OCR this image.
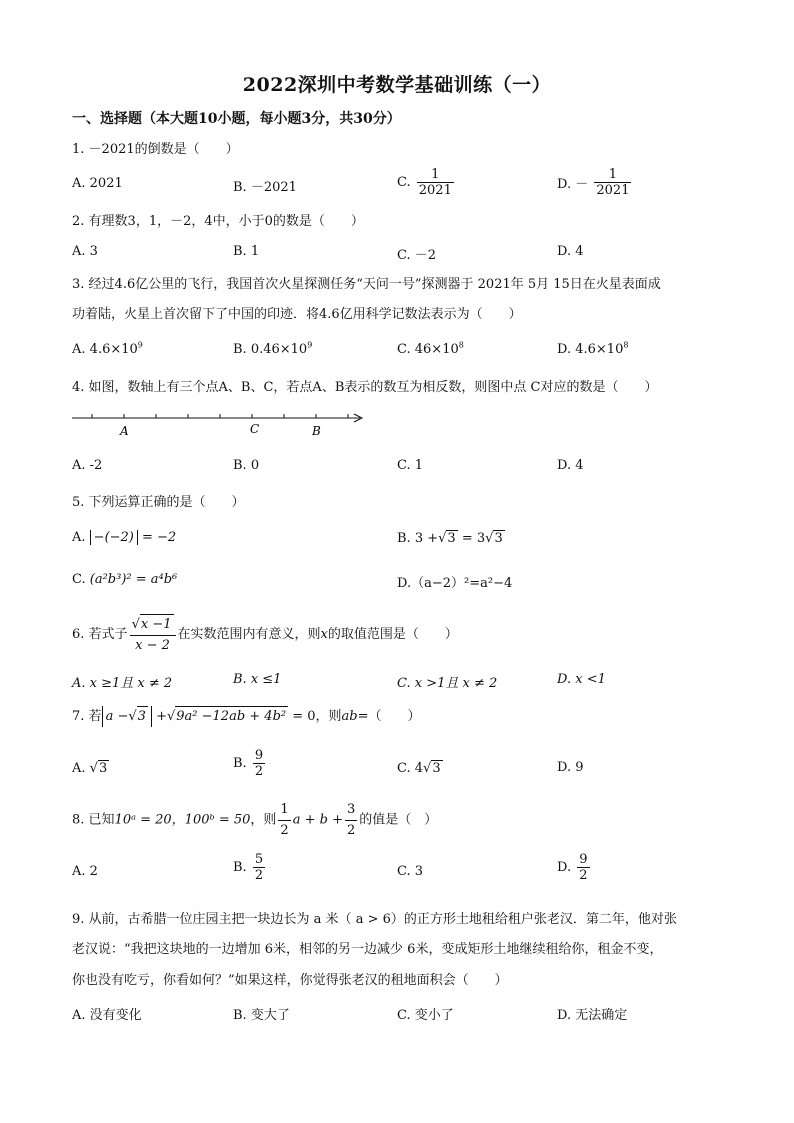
2022深圳中考数学基础训练（一）
一、选择题（本大题10小题，每小题3分，共30分）
1. －2021的倒数是（　　）
A. 2021	B. －2021	C. $\frac{1}{2021}$	D. － $\frac{1}{2021}$
2. 有理数3，1，－2，4中，小于0的数是（　　）
A. 3	B. 1	C. －2	D. 4
3. 经过4.6亿公里的飞行，我国首次火星探测任务“天问一号”探测器于 2021年 5月 15日在火星表面成
功着陆，火星上首次留下了中国的印迹．将4.6亿用科学记数法表示为（　　）
A. $4.6\times 10^9$	B. $0.46\times 10^9$	C. $46\times 10^8$	D. $4.6\times 10^8$
4. 如图，数轴上有三个点A、B、C，若点A、B表示的数互为相反数，则图中点 C对应的数是（　　）
A	C	B
A. -2	B. 0	C. 1	D. 4
5. 下列运算正确的是（　　）
A. −(−2) = −2	B. 3 +√3 = 3√3
C. (a²b³)² = a⁴b⁶	D.（a−2）²=a²−4
6. 若式子 $\frac{√x -1}{x - 2}$ 在实数范围内有意义，则x的取值范围是（　　）
A. x ≥1且 x ≠ 2	B. x ≤1	C. x >1且 x ≠ 2	D. x <1
7. 若 a −√3 +√9a² −12ab + 4b² = 0，则ab=（　　）
A. √3	B. $\frac{9}{2}$	C. 4√3	D. 9
8. 已知10ᵃ = 20，100ᵇ = 50，则 $\frac{1}{2}$ $a + b + \frac{3}{2}$ 的值是（　）
A. 2	B. $\frac{5}{2}$	C. 3	D. $\frac{9}{2}$
9. 从前，古希腊一位庄园主把一块边长为 a 米（ a > 6）的正方形土地租给租户张老汉．第二年，他对张
老汉说：“我把这块地的一边增加 6米，相邻的另一边减少 6米，变成矩形土地继续租给你，租金不变，
你也没有吃亏，你看如何？”如果这样，你觉得张老汉的租地面积会（　　）
A. 没有变化	B. 变大了	C. 变小了	D. 无法确定
